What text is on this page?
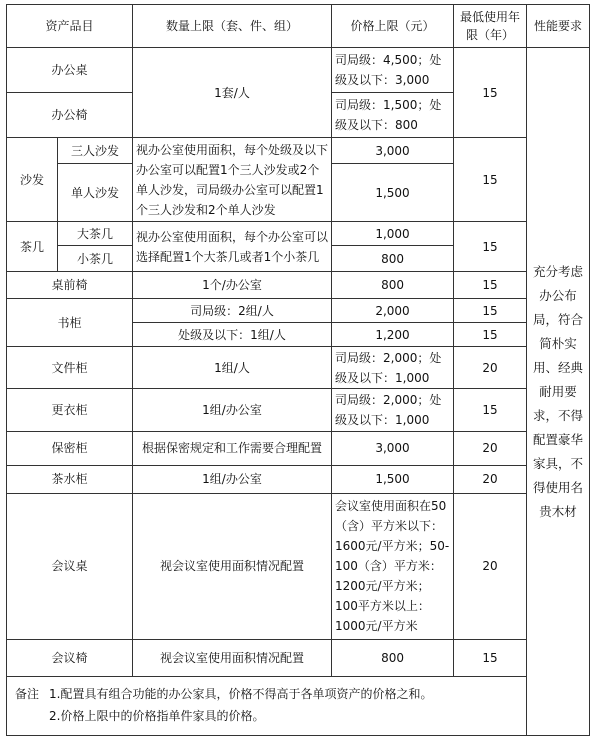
资产品目		数量上限（套、件、组）	价格上限（元）	最低使用年限（年）	性能要求
办公桌		1套/人	司局级：4,500；处级及以下：3,000	15	充分考虑办公布局，符合简朴实用、经典耐用要求，不得配置豪华家具，不得使用名贵木材
办公椅			司局级：1,500；处级及以下：800		
沙发	三人沙发	视办公室使用面积，每个处级及以下办公室可以配置1个三人沙发或2个单人沙发，司局级办公室可以配置1个三人沙发和2个单人沙发	3,000	15	
	单人沙发		1,500		
茶几	大茶几	视办公室使用面积，每个办公室可以选择配置1个大茶几或者1个小茶几	1,000	15	
	小茶几		800		
桌前椅		1个/办公室	800	15	
书柜		司局级：2组/人	2,000	15	
		处级及以下：1组/人	1,200	15	
文件柜		1组/人	司局级：2,000；处级及以下：1,000	20	
更衣柜		1组/办公室	司局级：2,000；处级及以下：1,000	15	
保密柜		根据保密规定和工作需要合理配置	3,000	20	
茶水柜		1组/办公室	1,500	20	
会议桌		视会议室使用面积情况配置	会议室使用面积在50（含）平方米以下：1600元/平方米；50-100（含）平方米：1200元/平方米；100平方米以上：1000元/平方米	20	
会议椅		视会议室使用面积情况配置	800	15	

备注 1.配置具有组合功能的办公家具，价格不得高于各单项资产的价格之和。
2.价格上限中的价格指单件家具的价格。					
